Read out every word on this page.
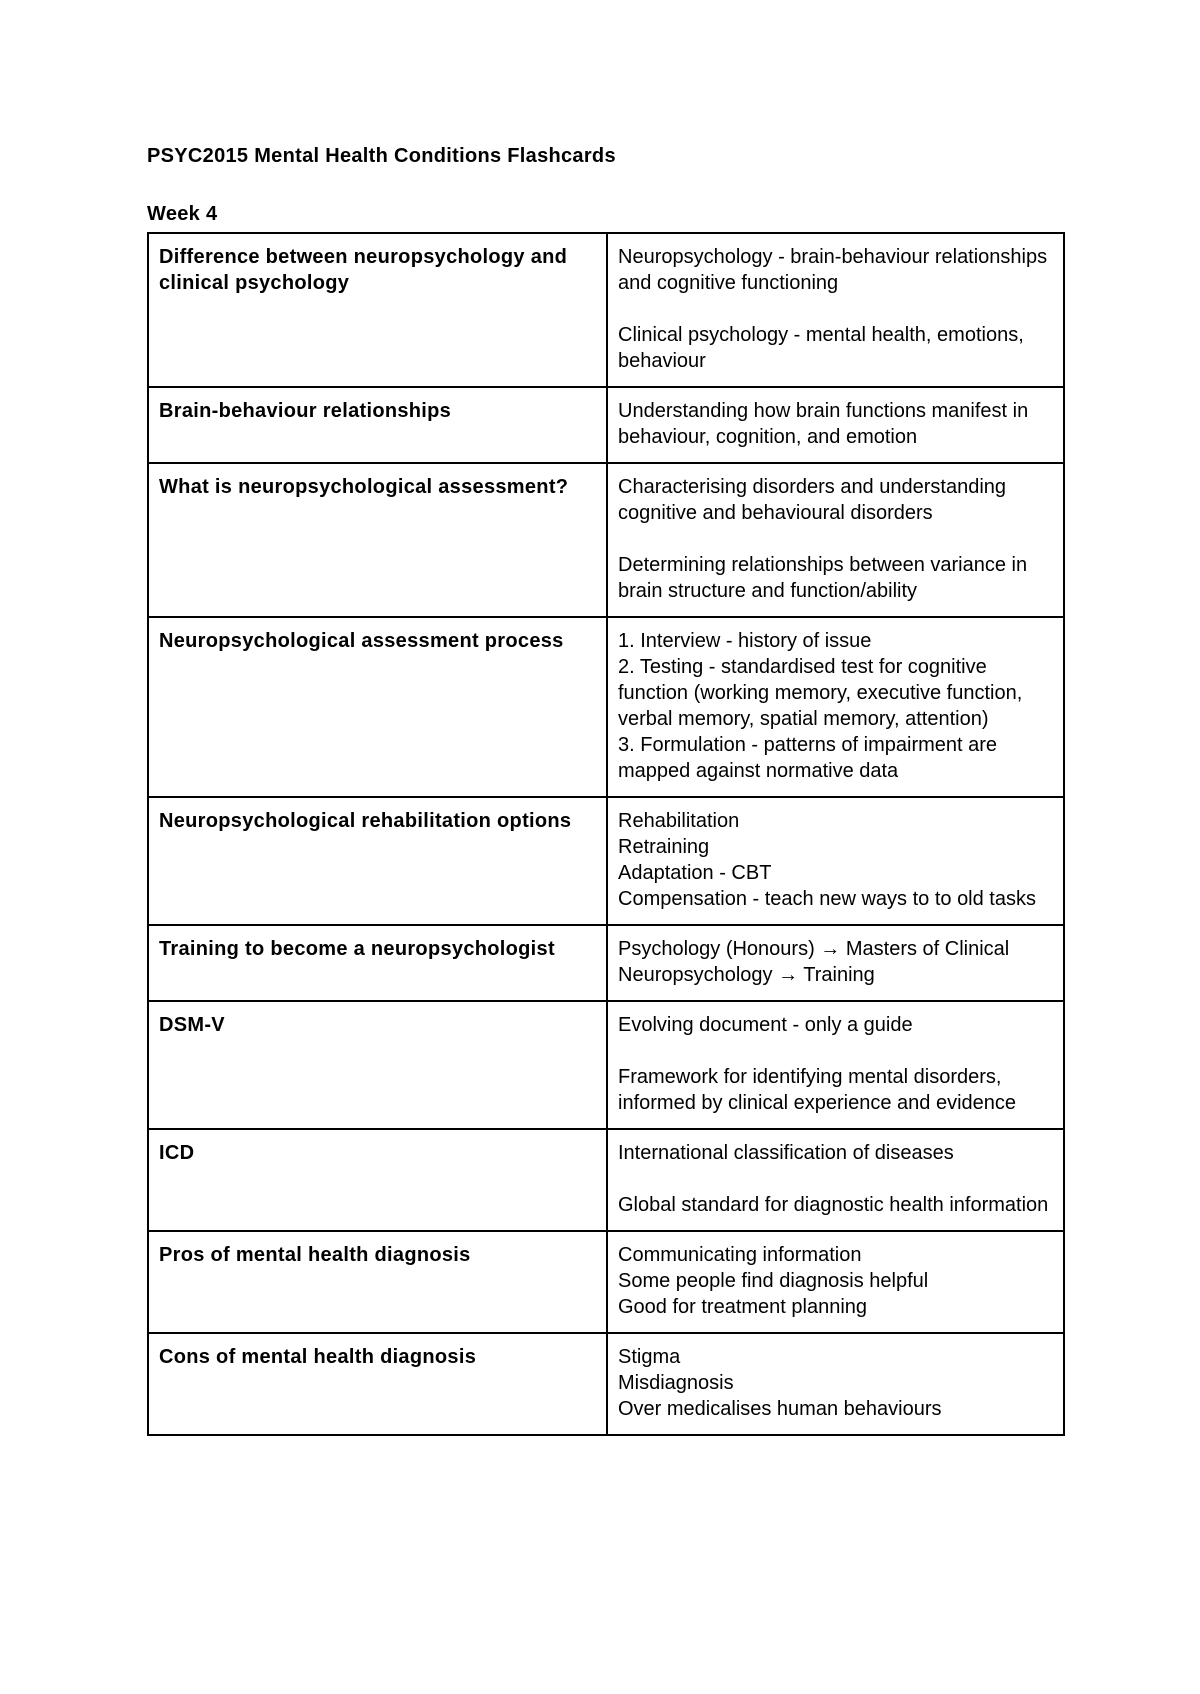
PSYC2015 Mental Health Conditions Flashcards
Week 4
Difference between neuropsychology and clinical psychology	Neuropsychology - brain-behaviour relationships and cognitive functioning
Clinical psychology - mental health, emotions, behaviour

Brain-behaviour relationships	Understanding how brain functions manifest in behaviour, cognition, and emotion

What is neuropsychological assessment?	Characterising disorders and understanding cognitive and behavioural disorders
Determining relationships between variance in brain structure and function/ability

Neuropsychological assessment process	1. Interview - history of issue
2. Testing - standardised test for cognitive function (working memory, executive function, verbal memory, spatial memory, attention)
3. Formulation - patterns of impairment are mapped against normative data

Neuropsychological rehabilitation options	Rehabilitation
Retraining
Adaptation - CBT
Compensation - teach new ways to to old tasks

Training to become a neuropsychologist	Psychology (Honours) → Masters of Clinical Neuropsychology → Training

DSM-V	Evolving document - only a guide
Framework for identifying mental disorders, informed by clinical experience and evidence

ICD	International classification of diseases
Global standard for diagnostic health information

Pros of mental health diagnosis	Communicating information
Some people find diagnosis helpful
Good for treatment planning

Cons of mental health diagnosis	Stigma
Misdiagnosis
Over medicalises human behaviours
